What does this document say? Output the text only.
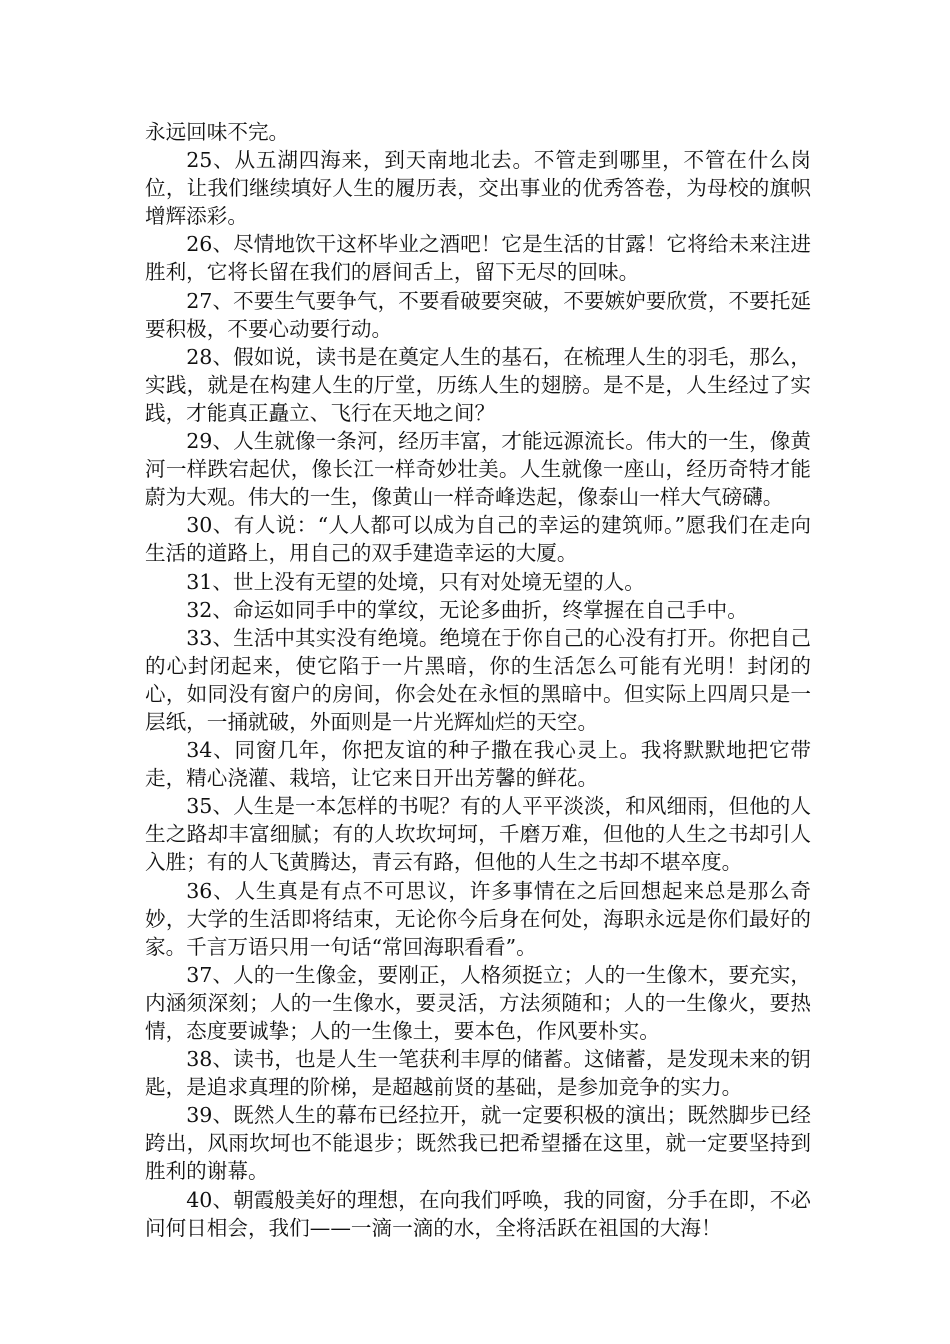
永远回味不完。

25、从五湖四海来，到天南地北去。不管走到哪里，不管在什么岗位，让我们继续填好人生的履历表，交出事业的优秀答卷，为母校的旗帜增辉添彩。

26、尽情地饮干这杯毕业之酒吧！它是生活的甘露！它将给未来注进胜利，它将长留在我们的唇间舌上，留下无尽的回味。

27、不要生气要争气，不要看破要突破，不要嫉妒要欣赏，不要托延要积极，不要心动要行动。

28、假如说，读书是在奠定人生的基石，在梳理人生的羽毛，那么，实践，就是在构建人生的厅堂，历练人生的翅膀。是不是，人生经过了实践，才能真正矗立、飞行在天地之间？

29、人生就像一条河，经历丰富，才能远源流长。伟大的一生，像黄河一样跌宕起伏，像长江一样奇妙壮美。人生就像一座山，经历奇特才能蔚为大观。伟大的一生，像黄山一样奇峰迭起，像泰山一样大气磅礴。

30、有人说：“人人都可以成为自己的幸运的建筑师。”愿我们在走向生活的道路上，用自己的双手建造幸运的大厦。

31、世上没有无望的处境，只有对处境无望的人。

32、命运如同手中的掌纹，无论多曲折，终掌握在自己手中。

33、生活中其实没有绝境。绝境在于你自己的心没有打开。你把自己的心封闭起来，使它陷于一片黑暗，你的生活怎么可能有光明！封闭的心，如同没有窗户的房间，你会处在永恒的黑暗中。但实际上四周只是一层纸，一捅就破，外面则是一片光辉灿烂的天空。

34、同窗几年，你把友谊的种子撒在我心灵上。我将默默地把它带走，精心浇灌、栽培，让它来日开出芳馨的鲜花。

35、人生是一本怎样的书呢？有的人平平淡淡，和风细雨，但他的人生之路却丰富细腻；有的人坎坎坷坷，千磨万难，但他的人生之书却引人入胜；有的人飞黄腾达，青云有路，但他的人生之书却不堪卒度。

36、人生真是有点不可思议，许多事情在之后回想起来总是那么奇妙，大学的生活即将结束，无论你今后身在何处，海职永远是你们最好的家。千言万语只用一句话“常回海职看看”。

37、人的一生像金，要刚正，人格须挺立；人的一生像木，要充实，内涵须深刻；人的一生像水，要灵活，方法须随和；人的一生像火，要热情，态度要诚挚；人的一生像土，要本色，作风要朴实。

38、读书，也是人生一笔获利丰厚的储蓄。这储蓄，是发现未来的钥匙，是追求真理的阶梯，是超越前贤的基础，是参加竞争的实力。

39、既然人生的幕布已经拉开，就一定要积极的演出；既然脚步已经跨出，风雨坎坷也不能退步；既然我已把希望播在这里，就一定要坚持到胜利的谢幕。

40、朝霞般美好的理想，在向我们呼唤，我的同窗，分手在即，不必问何日相会，我们——一滴一滴的水，全将活跃在祖国的大海！
